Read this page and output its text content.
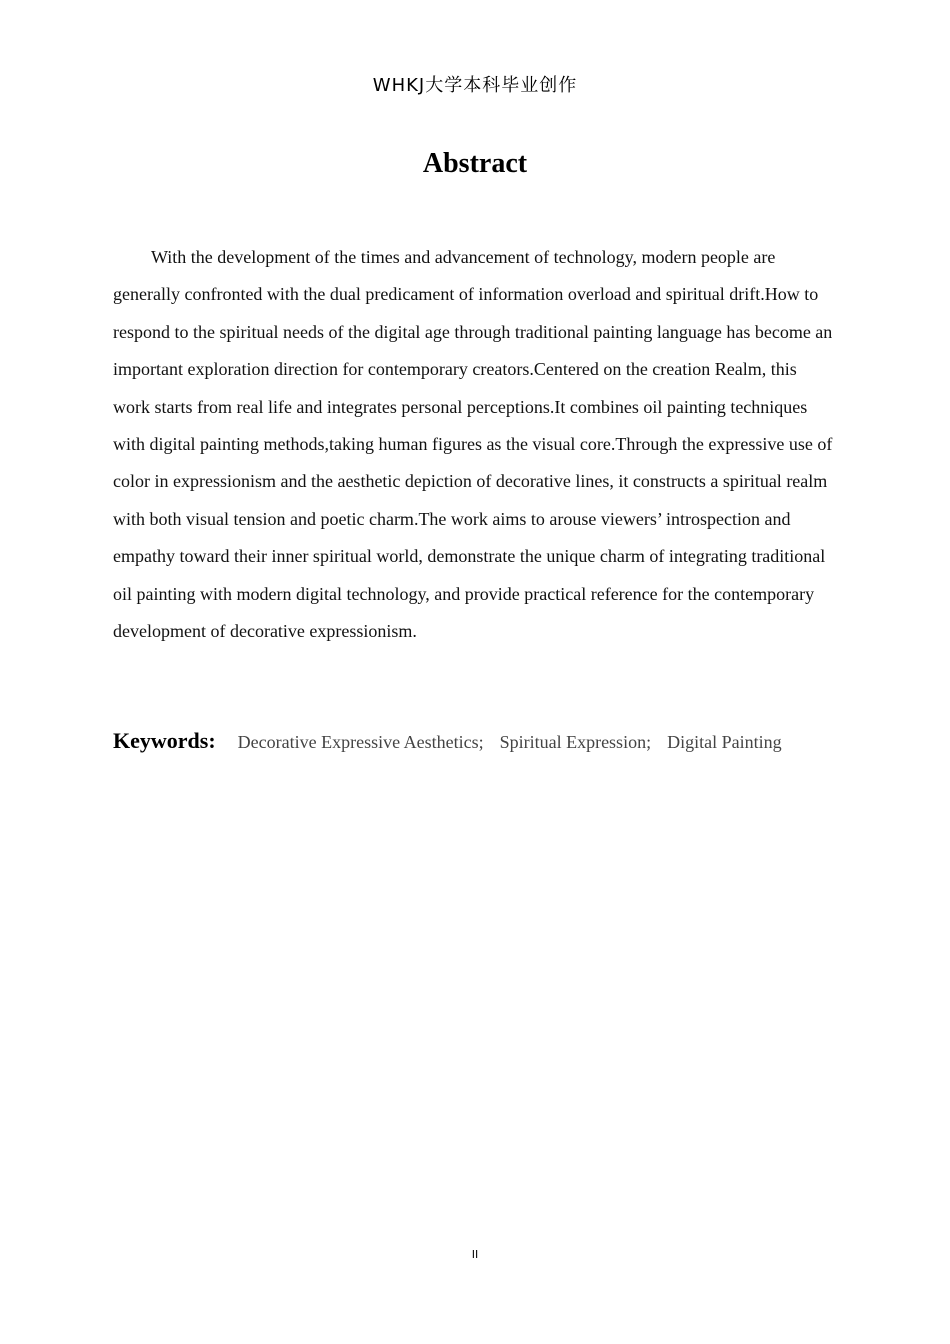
WHKJ大学本科毕业创作
Abstract

With the development of the times and advancement of technology, modern people are generally confronted with the dual predicament of information overload and spiritual drift.How to respond to the spiritual needs of the digital age through traditional painting language has become an important exploration direction for contemporary creators.Centered on the creation Realm, this work starts from real life and integrates personal perceptions.It combines oil painting techniques with digital painting methods,taking human figures as the visual core.Through the expressive use of color in expressionism and the aesthetic depiction of decorative lines, it constructs a spiritual realm with both visual tension and poetic charm.The work aims to arouse viewers’ introspection and empathy toward their inner spiritual world, demonstrate the unique charm of integrating traditional oil painting with modern digital technology, and provide practical reference for the contemporary development of decorative expressionism.

Keywords: Decorative Expressive Aesthetics; Spiritual Expression; Digital Painting
II
